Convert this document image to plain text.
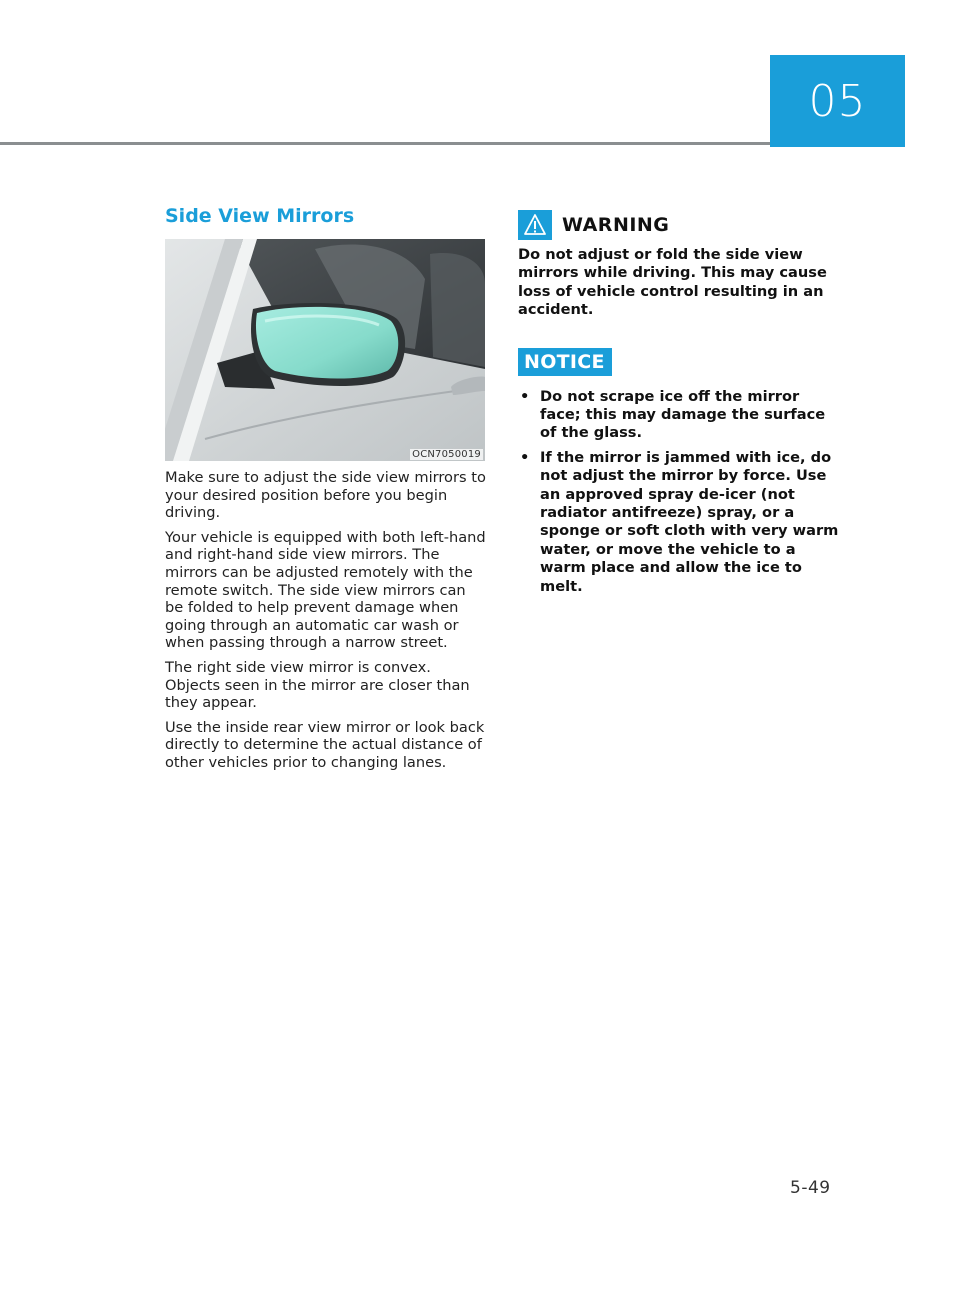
05
Side View Mirrors
OCN7050019

Make sure to adjust the side view mirrors to your desired position before you begin driving.

Your vehicle is equipped with both left-hand and right-hand side view mirrors. The mirrors can be adjusted remotely with the remote switch. The side view mirrors can be folded to help prevent damage when going through an automatic car wash or when passing through a narrow street.

The right side view mirror is convex. Objects seen in the mirror are closer than they appear.

Use the inside rear view mirror or look back directly to determine the actual distance of other vehicles prior to changing lanes.

WARNING

Do not adjust or fold the side view mirrors while driving. This may cause loss of vehicle control resulting in an accident.

NOTICE
• Do not scrape ice off the mirror face; this may damage the surface of the glass.
• If the mirror is jammed with ice, do not adjust the mirror by force. Use an approved spray de-icer (not radiator antifreeze) spray, or a sponge or soft cloth with very warm water, or move the vehicle to a warm place and allow the ice to melt.
5-49
